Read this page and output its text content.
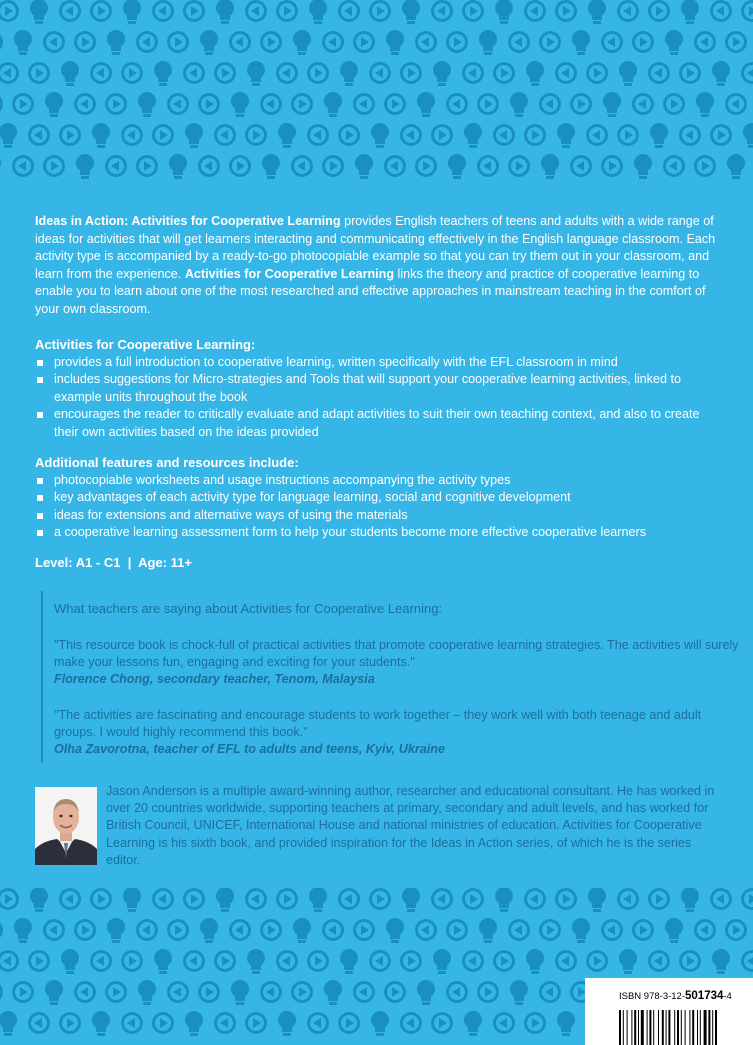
Ideas in Action: Activities for Cooperative Learning provides English teachers of teens and adults with a wide range of ideas for activities that will get learners interacting and communicating effectively in the English language classroom. Each activity type is accompanied by a ready-to-go photocopiable example so that you can try them out in your classroom, and learn from the experience. Activities for Cooperative Learning links the theory and practice of cooperative learning to enable you to learn about one of the most researched and effective approaches in mainstream teaching in the comfort of your own classroom.

Activities for Cooperative Learning:

provides a full introduction to cooperative learning, written specifically with the EFL classroom in mind
includes suggestions for Micro-strategies and Tools that will support your cooperative learning activities, linked to example units throughout the book
encourages the reader to critically evaluate and adapt activities to suit their own teaching context, and also to create their own activities based on the ideas provided

Additional features and resources include:

photocopiable worksheets and usage instructions accompanying the activity types
key advantages of each activity type for language learning, social and cognitive development
ideas for extensions and alternative ways of using the materials
a cooperative learning assessment form to help your students become more effective cooperative learners
Level: A1 - C1  |  Age: 11+

What teachers are saying about Activities for Cooperative Learning:

"This resource book is chock-full of practical activities that promote cooperative learning strategies. The activities will surely make your lessons fun, engaging and exciting for your students."

Florence Chong, secondary teacher, Tenom, Malaysia

"The activities are fascinating and encourage students to work together – they work well with both teenage and adult groups. I would highly recommend this book."

Olha Zavorotna, teacher of EFL to adults and teens, Kyiv, Ukraine

Jason Anderson is a multiple award-winning author, researcher and educational consultant. He has worked in over 20 countries worldwide, supporting teachers at primary, secondary and adult levels, and has worked for British Council, UNICEF, International House and national ministries of education. Activities for Cooperative Learning is his sixth book, and provided inspiration for the Ideas in Action series, of which he is the series editor.
ISBN 978-3-12-501734-4
